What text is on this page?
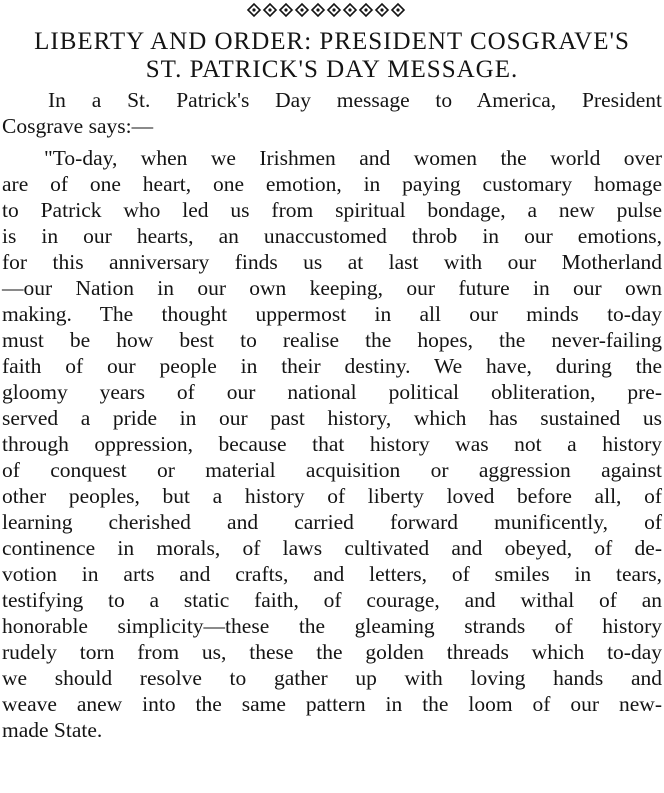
LIBERTY AND ORDER: PRESIDENT COSGRAVE'S
ST. PATRICK'S DAY MESSAGE.
In a St. Patrick's Day message to America, President
Cosgrave says:—
"To-day, when we Irishmen and women the world over
are of one heart, one emotion, in paying customary homage
to Patrick who led us from spiritual bondage, a new pulse
is in our hearts, an unaccustomed throb in our emotions,
for this anniversary finds us at last with our Motherland
—our Nation in our own keeping, our future in our own
making. The thought uppermost in all our minds to-day
must be how best to realise the hopes, the never-failing
faith of our people in their destiny. We have, during the
gloomy years of our national political obliteration, pre-
served a pride in our past history, which has sustained us
through oppression, because that history was not a history
of conquest or material acquisition or aggression against
other peoples, but a history of liberty loved before all, of
learning cherished and carried forward munificently, of
continence in morals, of laws cultivated and obeyed, of de-
votion in arts and crafts, and letters, of smiles in tears,
testifying to a static faith, of courage, and withal of an
honorable simplicity—these the gleaming strands of history
rudely torn from us, these the golden threads which to-day
we should resolve to gather up with loving hands and
weave anew into the same pattern in the loom of our new-
made State.
